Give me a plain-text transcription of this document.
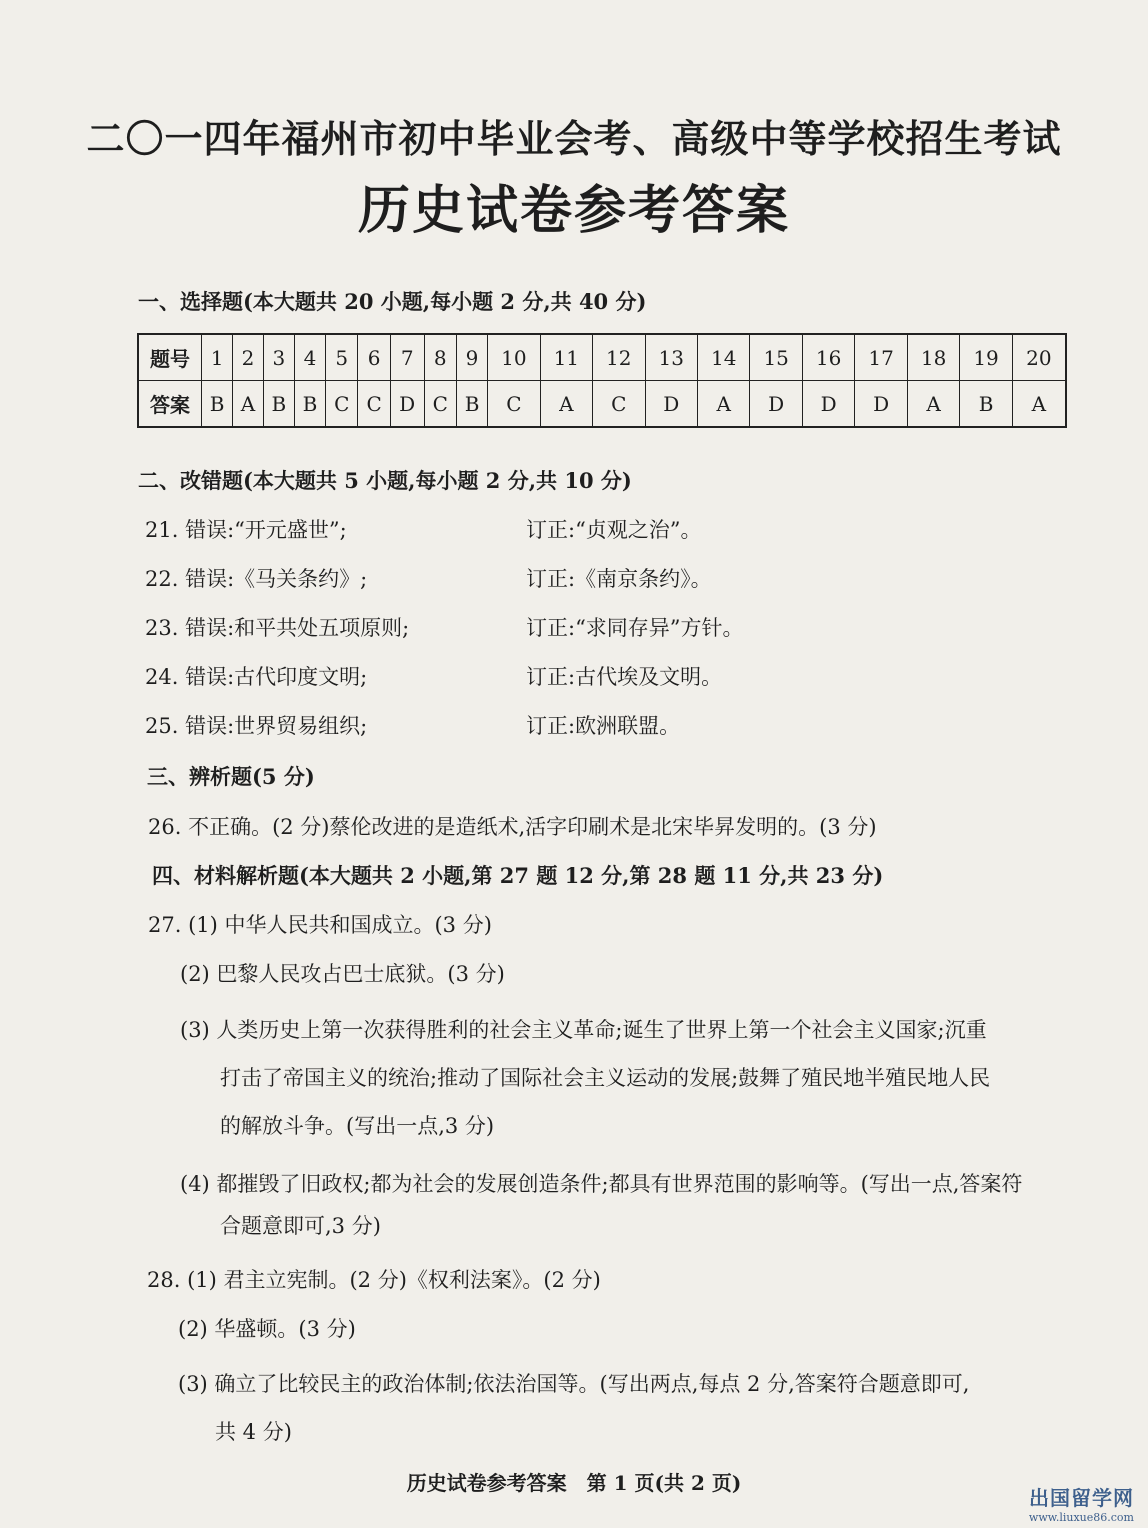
二〇一四年福州市初中毕业会考、高级中等学校招生考试
历史试卷参考答案
一、选择题(本大题共 20 小题,每小题 2 分,共 40 分)
题号	1	2	3	4	5	6	7	8	9	10	11	12	13	14	15	16	17	18	19	20
答案	B	A	B	B	C	C	D	C	B	C	A	C	D	A	D	D	D	A	B	A
二、改错题(本大题共 5 小题,每小题 2 分,共 10 分)
21. 错误:“开元盛世”;	订正:“贞观之治”。
22. 错误:《马关条约》;	订正:《南京条约》。
23. 错误:和平共处五项原则;	订正:“求同存异”方针。
24. 错误:古代印度文明;	订正:古代埃及文明。
25. 错误:世界贸易组织;	订正:欧洲联盟。
三、辨析题(5 分)
26. 不正确。(2 分)蔡伦改进的是造纸术,活字印刷术是北宋毕昇发明的。(3 分)
四、材料解析题(本大题共 2 小题,第 27 题 12 分,第 28 题 11 分,共 23 分)
27. (1) 中华人民共和国成立。(3 分)
(2) 巴黎人民攻占巴士底狱。(3 分)
(3) 人类历史上第一次获得胜利的社会主义革命;诞生了世界上第一个社会主义国家;沉重
打击了帝国主义的统治;推动了国际社会主义运动的发展;鼓舞了殖民地半殖民地人民
的解放斗争。(写出一点,3 分)
(4) 都摧毁了旧政权;都为社会的发展创造条件;都具有世界范围的影响等。(写出一点,答案符
合题意即可,3 分)
28. (1) 君主立宪制。(2 分)《权利法案》。(2 分)
(2) 华盛顿。(3 分)
(3) 确立了比较民主的政治体制;依法治国等。(写出两点,每点 2 分,答案符合题意即可,
共 4 分)
历史试卷参考答案　第 1 页(共 2 页)
出国留学网
www.liuxue86.com
